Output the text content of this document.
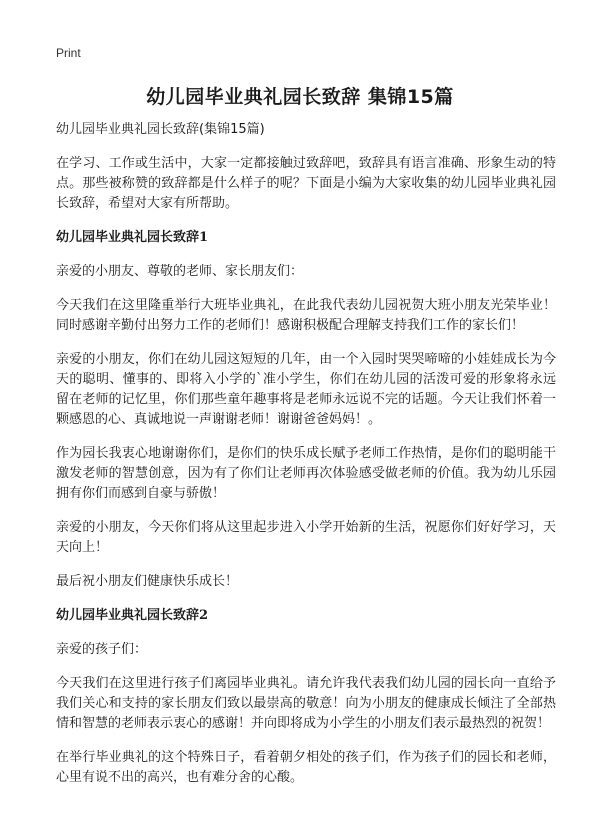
Print
幼儿园毕业典礼园长致辞 集锦15篇

幼儿园毕业典礼园长致辞(集锦15篇)

在学习、工作或生活中，大家一定都接触过致辞吧，致辞具有语言准确、形象生动的特点。那些被称赞的致辞都是什么样子的呢？下面是小编为大家收集的幼儿园毕业典礼园长致辞，希望对大家有所帮助。

幼儿园毕业典礼园长致辞1

亲爱的小朋友、尊敬的老师、家长朋友们：

今天我们在这里隆重举行大班毕业典礼，在此我代表幼儿园祝贺大班小朋友光荣毕业！同时感谢辛勤付出努力工作的老师们！感谢积极配合理解支持我们工作的家长们！

亲爱的小朋友，你们在幼儿园这短短的几年，由一个入园时哭哭啼啼的小娃娃成长为今天的聪明、懂事的、即将入小学的`准小学生，你们在幼儿园的活泼可爱的形象将永远留在老师的记忆里，你们那些童年趣事将是老师永远说不完的话题。今天让我们怀着一颗感恩的心、真诚地说一声谢谢老师！谢谢爸爸妈妈！。

作为园长我衷心地谢谢你们，是你们的快乐成长赋予老师工作热情，是你们的聪明能干激发老师的智慧创意，因为有了你们让老师再次体验感受做老师的价值。我为幼儿乐园拥有你们而感到自豪与骄傲！

亲爱的小朋友，今天你们将从这里起步进入小学开始新的生活，祝愿你们好好学习，天天向上！

最后祝小朋友们健康快乐成长！

幼儿园毕业典礼园长致辞2

亲爱的孩子们：

今天我们在这里进行孩子们离园毕业典礼。请允许我代表我们幼儿园的园长向一直给予我们关心和支持的家长朋友们致以最崇高的敬意！向为小朋友的健康成长倾注了全部热情和智慧的老师表示衷心的感谢！并向即将成为小学生的小朋友们表示最热烈的祝贺！

在举行毕业典礼的这个特殊日子，看着朝夕相处的孩子们，作为孩子们的园长和老师，心里有说不出的高兴，也有难分舍的心酸。
